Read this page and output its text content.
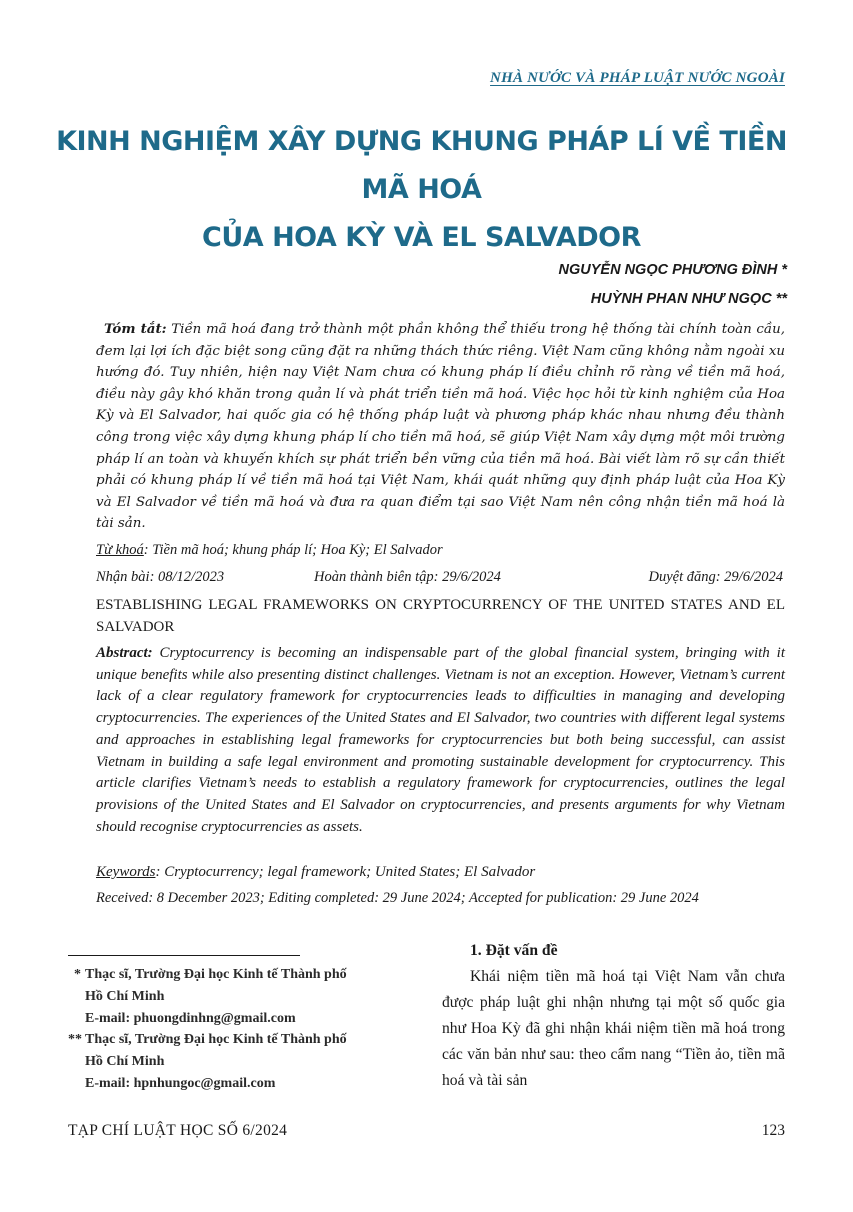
NHÀ NƯỚC VÀ PHÁP LUẬT NƯỚC NGOÀI
KINH NGHIỆM XÂY DỰNG KHUNG PHÁP LÍ VỀ TIỀN MÃ HOÁ
CỦA HOA KỲ VÀ EL SALVADOR
NGUYỄN NGỌC PHƯƠNG ĐÌNH *
HUỲNH PHAN NHƯ NGỌC **
Tóm tắt: Tiền mã hoá đang trở thành một phần không thể thiếu trong hệ thống tài chính toàn cầu, đem lại lợi ích đặc biệt song cũng đặt ra những thách thức riêng. Việt Nam cũng không nằm ngoài xu hướng đó. Tuy nhiên, hiện nay Việt Nam chưa có khung pháp lí điều chỉnh rõ ràng về tiền mã hoá, điều này gây khó khăn trong quản lí và phát triển tiền mã hoá. Việc học hỏi từ kinh nghiệm của Hoa Kỳ và El Salvador, hai quốc gia có hệ thống pháp luật và phương pháp khác nhau nhưng đều thành công trong việc xây dựng khung pháp lí cho tiền mã hoá, sẽ giúp Việt Nam xây dựng một môi trường pháp lí an toàn và khuyến khích sự phát triển bền vững của tiền mã hoá. Bài viết làm rõ sự cần thiết phải có khung pháp lí về tiền mã hoá tại Việt Nam, khái quát những quy định pháp luật của Hoa Kỳ và El Salvador về tiền mã hoá và đưa ra quan điểm tại sao Việt Nam nên công nhận tiền mã hoá là tài sản.
Từ khoá: Tiền mã hoá; khung pháp lí; Hoa Kỳ; El Salvador
Nhận bài: 08/12/2023	Hoàn thành biên tập: 29/6/2024	Duyệt đăng: 29/6/2024
ESTABLISHING LEGAL FRAMEWORKS ON CRYPTOCURRENCY OF THE UNITED STATES AND EL SALVADOR
Abstract: Cryptocurrency is becoming an indispensable part of the global financial system, bringing with it unique benefits while also presenting distinct challenges. Vietnam is not an exception. However, Vietnam’s current lack of a clear regulatory framework for cryptocurrencies leads to difficulties in managing and developing cryptocurrencies. The experiences of the United States and El Salvador, two countries with different legal systems and approaches in establishing legal frameworks for cryptocurrencies but both being successful, can assist Vietnam in building a safe legal environment and promoting sustainable development for cryptocurrency. This article clarifies Vietnam’s needs to establish a regulatory framework for cryptocurrencies, outlines the legal provisions of the United States and El Salvador on cryptocurrencies, and presents arguments for why Vietnam should recognise cryptocurrencies as assets.
Keywords: Cryptocurrency; legal framework; United States; El Salvador
Received: 8 December 2023; Editing completed: 29 June 2024; Accepted for publication: 29 June 2024
* Thạc sĩ, Trường Đại học Kinh tế Thành phố
Hồ Chí Minh
E-mail: phuongdinhng@gmail.com
** Thạc sĩ, Trường Đại học Kinh tế Thành phố
Hồ Chí Minh
E-mail: hpnhungoc@gmail.com
1. Đặt vấn đề

Khái niệm tiền mã hoá tại Việt Nam vẫn chưa được pháp luật ghi nhận nhưng tại một số quốc gia như Hoa Kỳ đã ghi nhận khái niệm tiền mã hoá trong các văn bản như sau: theo cẩm nang “Tiền ảo, tiền mã hoá và tài sản

TẠP CHÍ LUẬT HỌC SỐ 6/2024	123
